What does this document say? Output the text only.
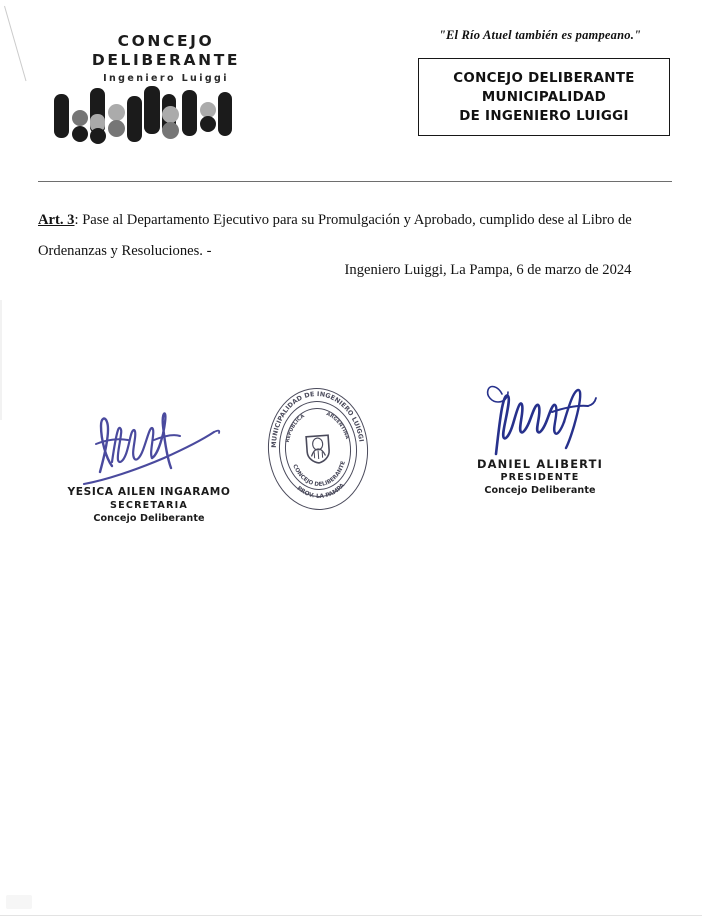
CONCEJO
DELIBERANTE
Ingeniero Luiggi
"El Río Atuel también es pampeano."
CONCEJO DELIBERANTE
MUNICIPALIDAD
DE INGENIERO LUIGGI

Art. 3: Pase al Departamento Ejecutivo para su Promulgación y Aprobado, cumplido dese al Libro de Ordenanzas y Resoluciones. -

Ingeniero Luiggi, La Pampa, 6 de marzo de 2024
YESICA AILEN INGARAMO
SECRETARIA
Concejo Deliberante
DANIEL ALIBERTI
PRESIDENTE
Concejo Deliberante
MUNICIPALIDAD DE INGENIERO LUIGGI
REPUBLICA	ARGENTINA
CONCEJO DELIBERANTE
PROV. LA PAMPA
